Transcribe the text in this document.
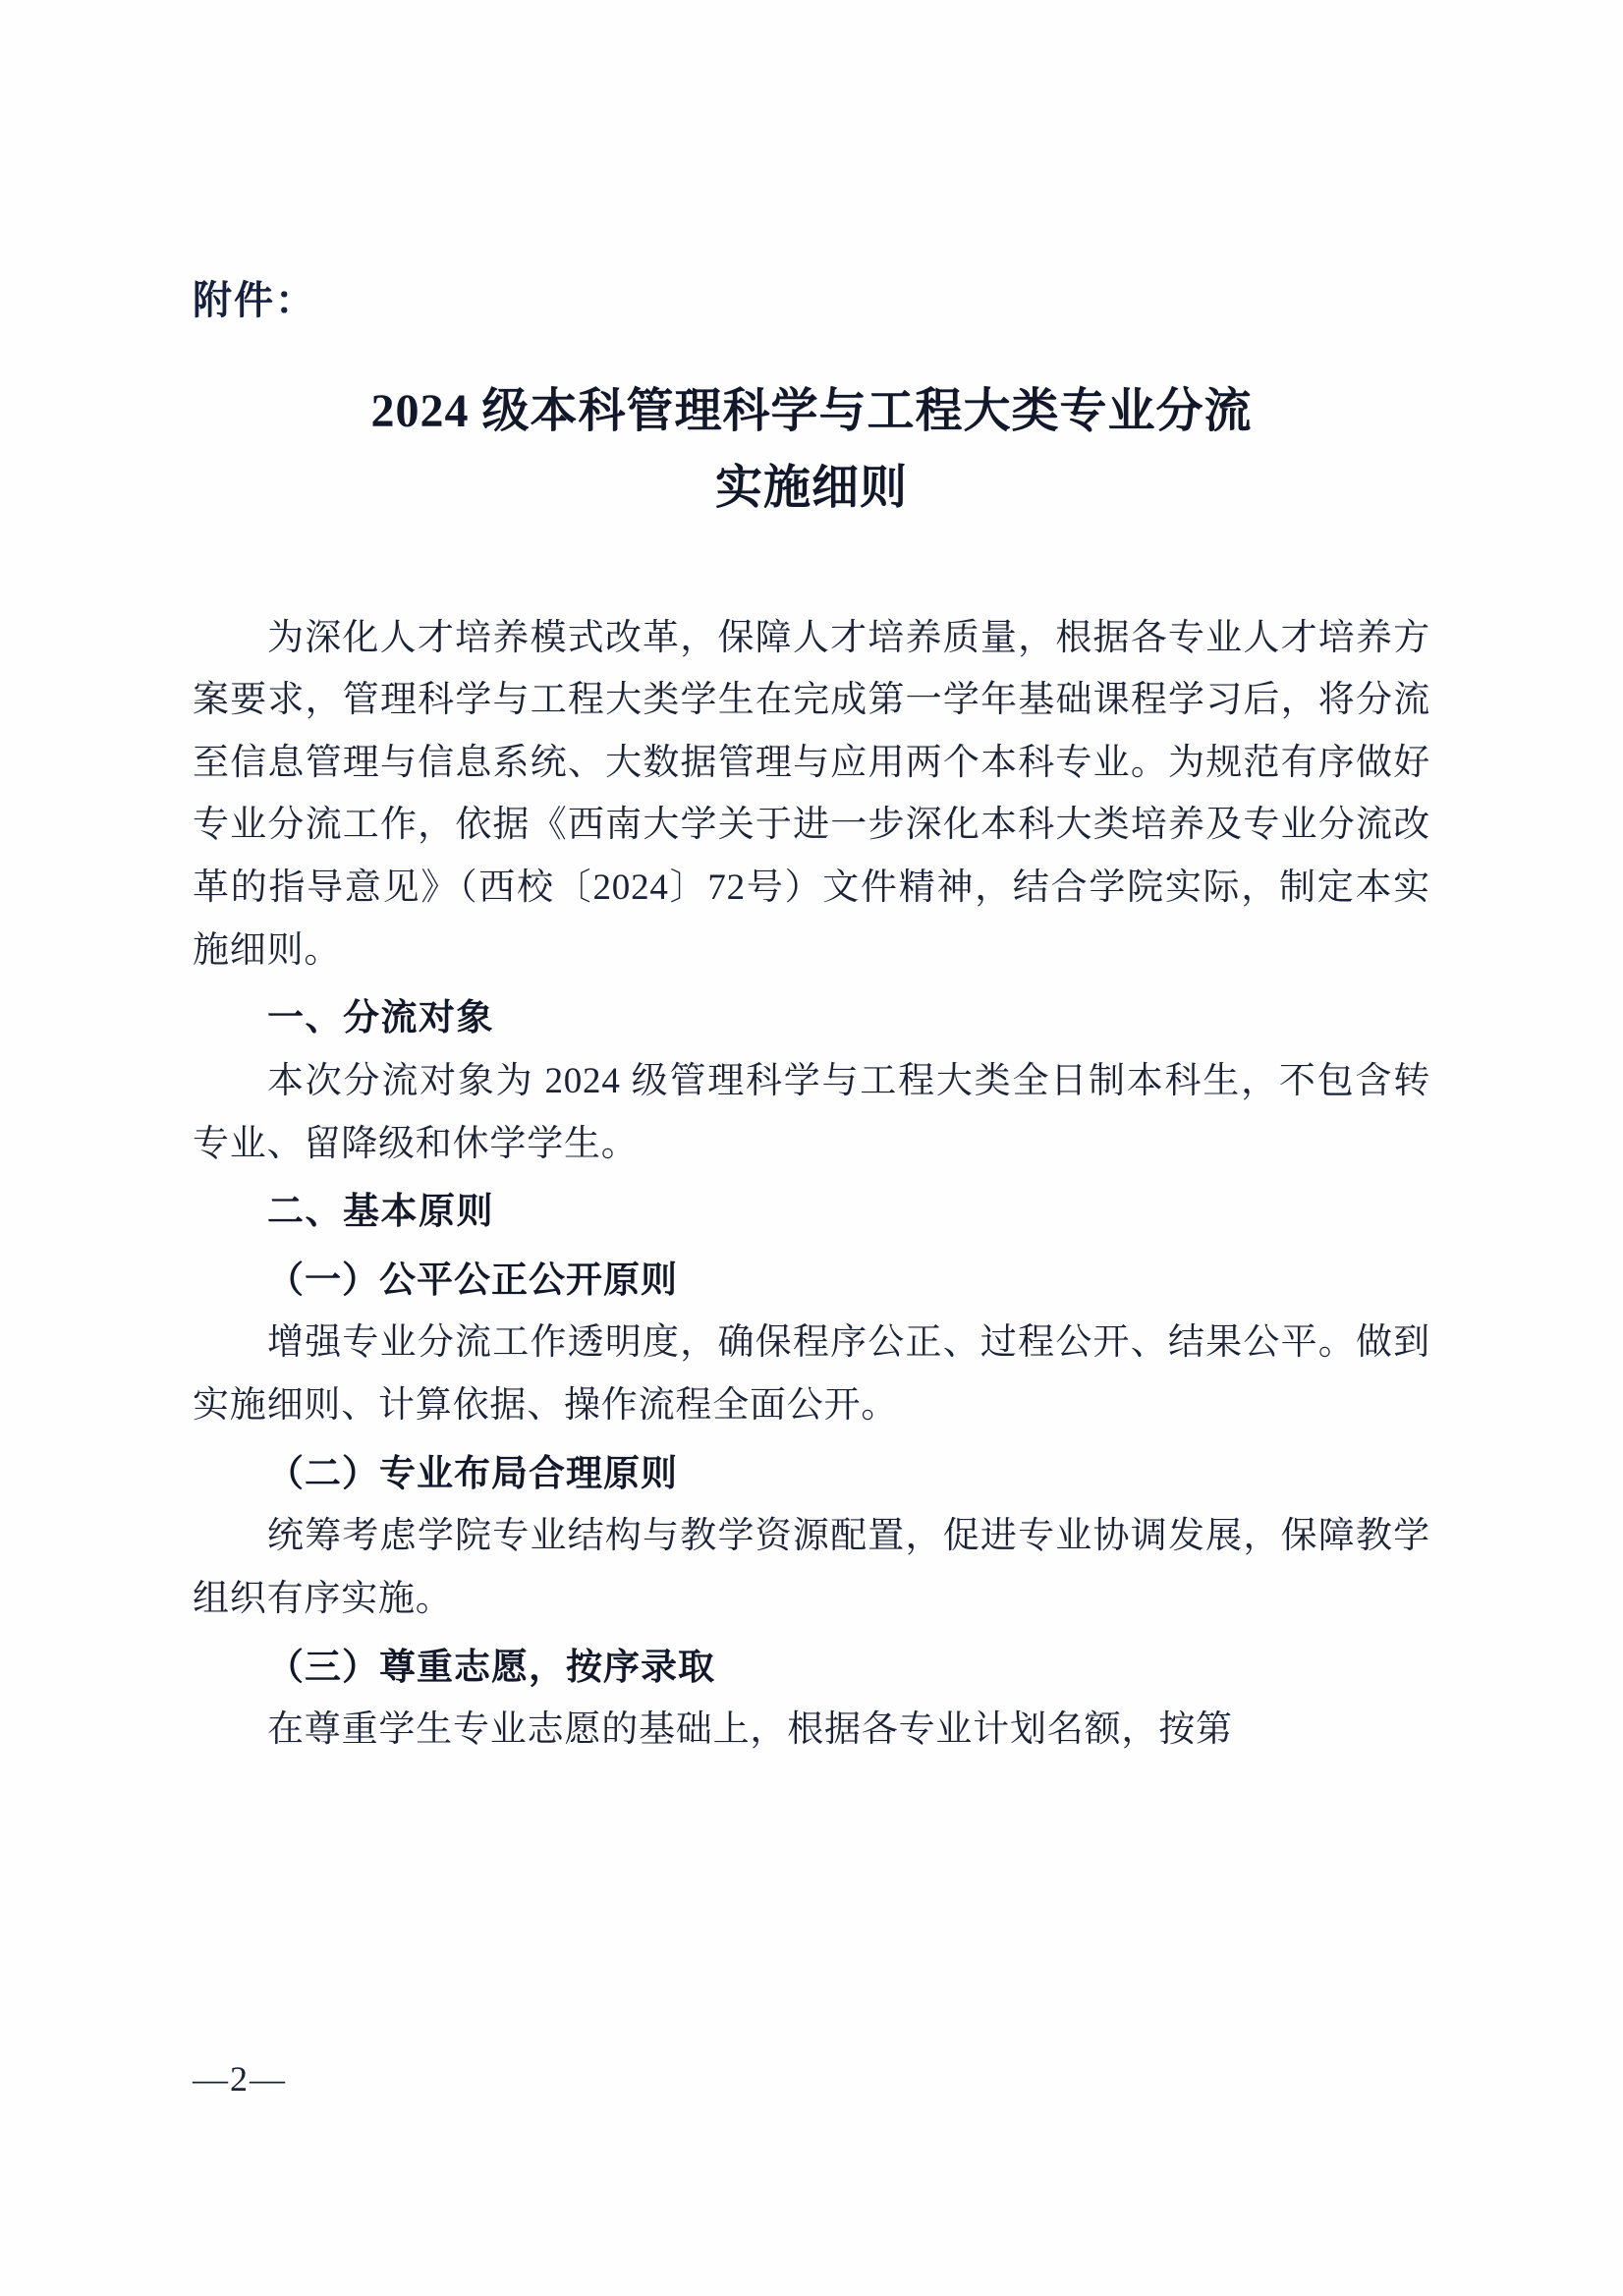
附件：
2024 级本科管理科学与工程大类专业分流
实施细则

为深化人才培养模式改革，保障人才培养质量，根据各专业人才培养方案要求，管理科学与工程大类学生在完成第一学年基础课程学习后，将分流至信息管理与信息系统、大数据管理与应用两个本科专业。为规范有序做好专业分流工作，依据《西南大学关于进一步深化本科大类培养及专业分流改革的指导意见》（西校〔2024〕72号）文件精神，结合学院实际，制定本实施细则。

一、分流对象

本次分流对象为 2024 级管理科学与工程大类全日制本科生，不包含转专业、留降级和休学学生。

二、基本原则
（一）公平公正公开原则

增强专业分流工作透明度，确保程序公正、过程公开、结果公平。做到实施细则、计算依据、操作流程全面公开。

（二）专业布局合理原则

统筹考虑学院专业结构与教学资源配置，促进专业协调发展，保障教学组织有序实施。

（三）尊重志愿，按序录取

在尊重学生专业志愿的基础上，根据各专业计划名额，按第

—2—
